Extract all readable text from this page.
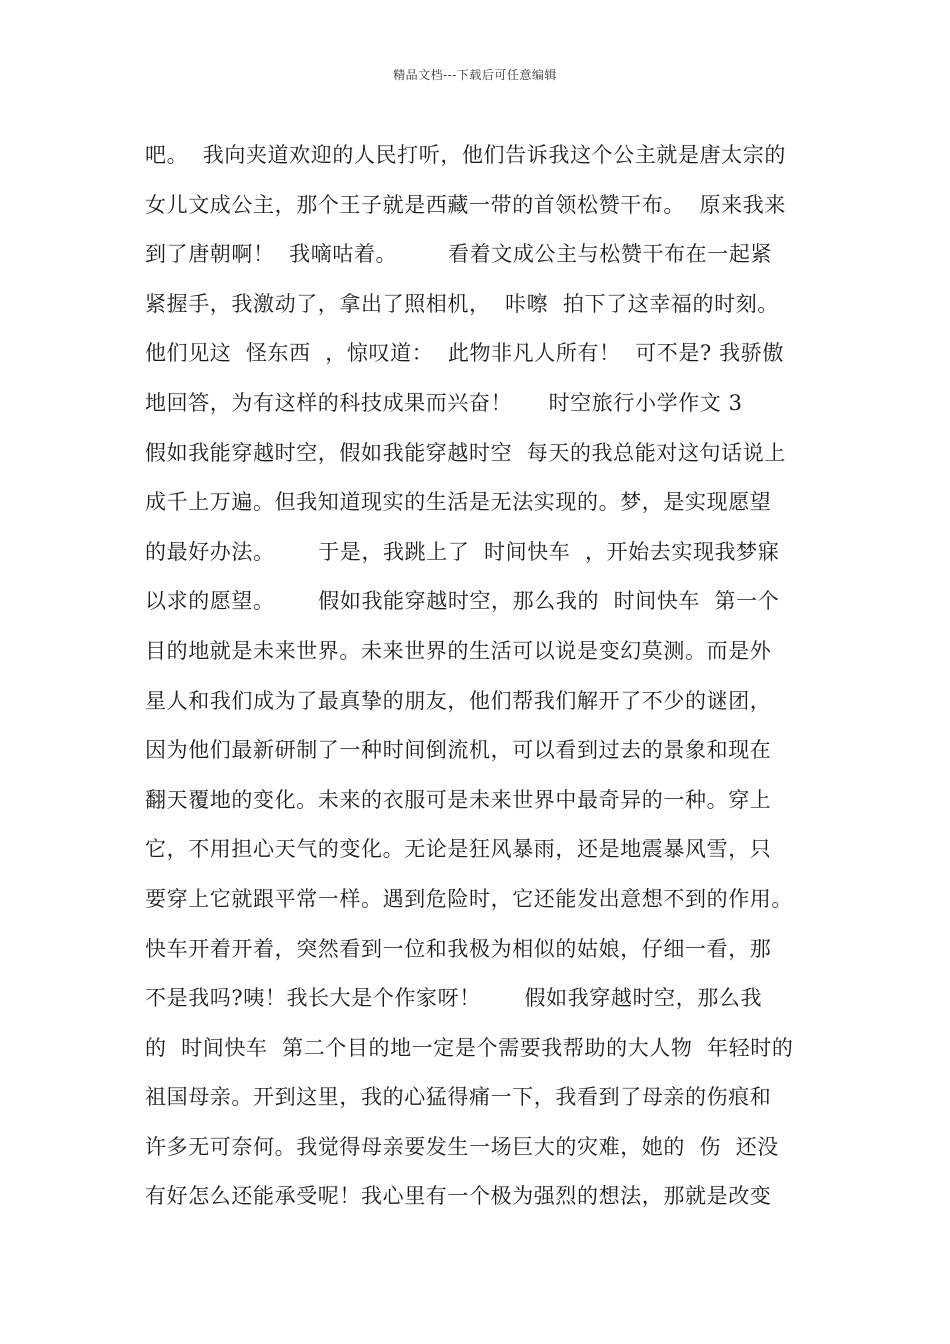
精品文档---下载后可任意编辑
吧。  我向夹道欢迎的人民打听，他们告诉我这个公主就是唐太宗的
女儿文成公主，那个王子就是西藏一带的首领松赞干布。  原来我来
到了唐朝啊！  我嘀咕着。       看着文成公主与松赞干布在一起紧
紧握手，我激动了，拿出了照相机，  咔嚓  拍下了这幸福的时刻。
他们见这  怪东西  ，惊叹道：  此物非凡人所有！  可不是? 我骄傲
地回答，为有这样的科技成果而兴奋！     时空旅行小学作文 3
假如我能穿越时空，假如我能穿越时空  每天的我总能对这句话说上
成千上万遍。但我知道现实的生活是无法实现的。梦，是实现愿望
的最好办法。      于是，我跳上了  时间快车  ，开始去实现我梦寐
以求的愿望。      假如我能穿越时空，那么我的  时间快车  第一个
目的地就是未来世界。未来世界的生活可以说是变幻莫测。而是外
星人和我们成为了最真挚的朋友，他们帮我们解开了不少的谜团，
因为他们最新研制了一种时间倒流机，可以看到过去的景象和现在
翻天覆地的变化。未来的衣服可是未来世界中最奇异的一种。穿上
它，不用担心天气的变化。无论是狂风暴雨，还是地震暴风雪，只
要穿上它就跟平常一样。遇到危险时，它还能发出意想不到的作用。
快车开着开着，突然看到一位和我极为相似的姑娘，仔细一看，那
不是我吗?咦！我长大是个作家呀！      假如我穿越时空，那么我
的  时间快车  第二个目的地一定是个需要我帮助的大人物  年轻时的
祖国母亲。开到这里，我的心猛得痛一下，我看到了母亲的伤痕和
许多无可奈何。我觉得母亲要发生一场巨大的灾难，她的  伤  还没
有好怎么还能承受呢！我心里有一个极为强烈的想法，那就是改变
